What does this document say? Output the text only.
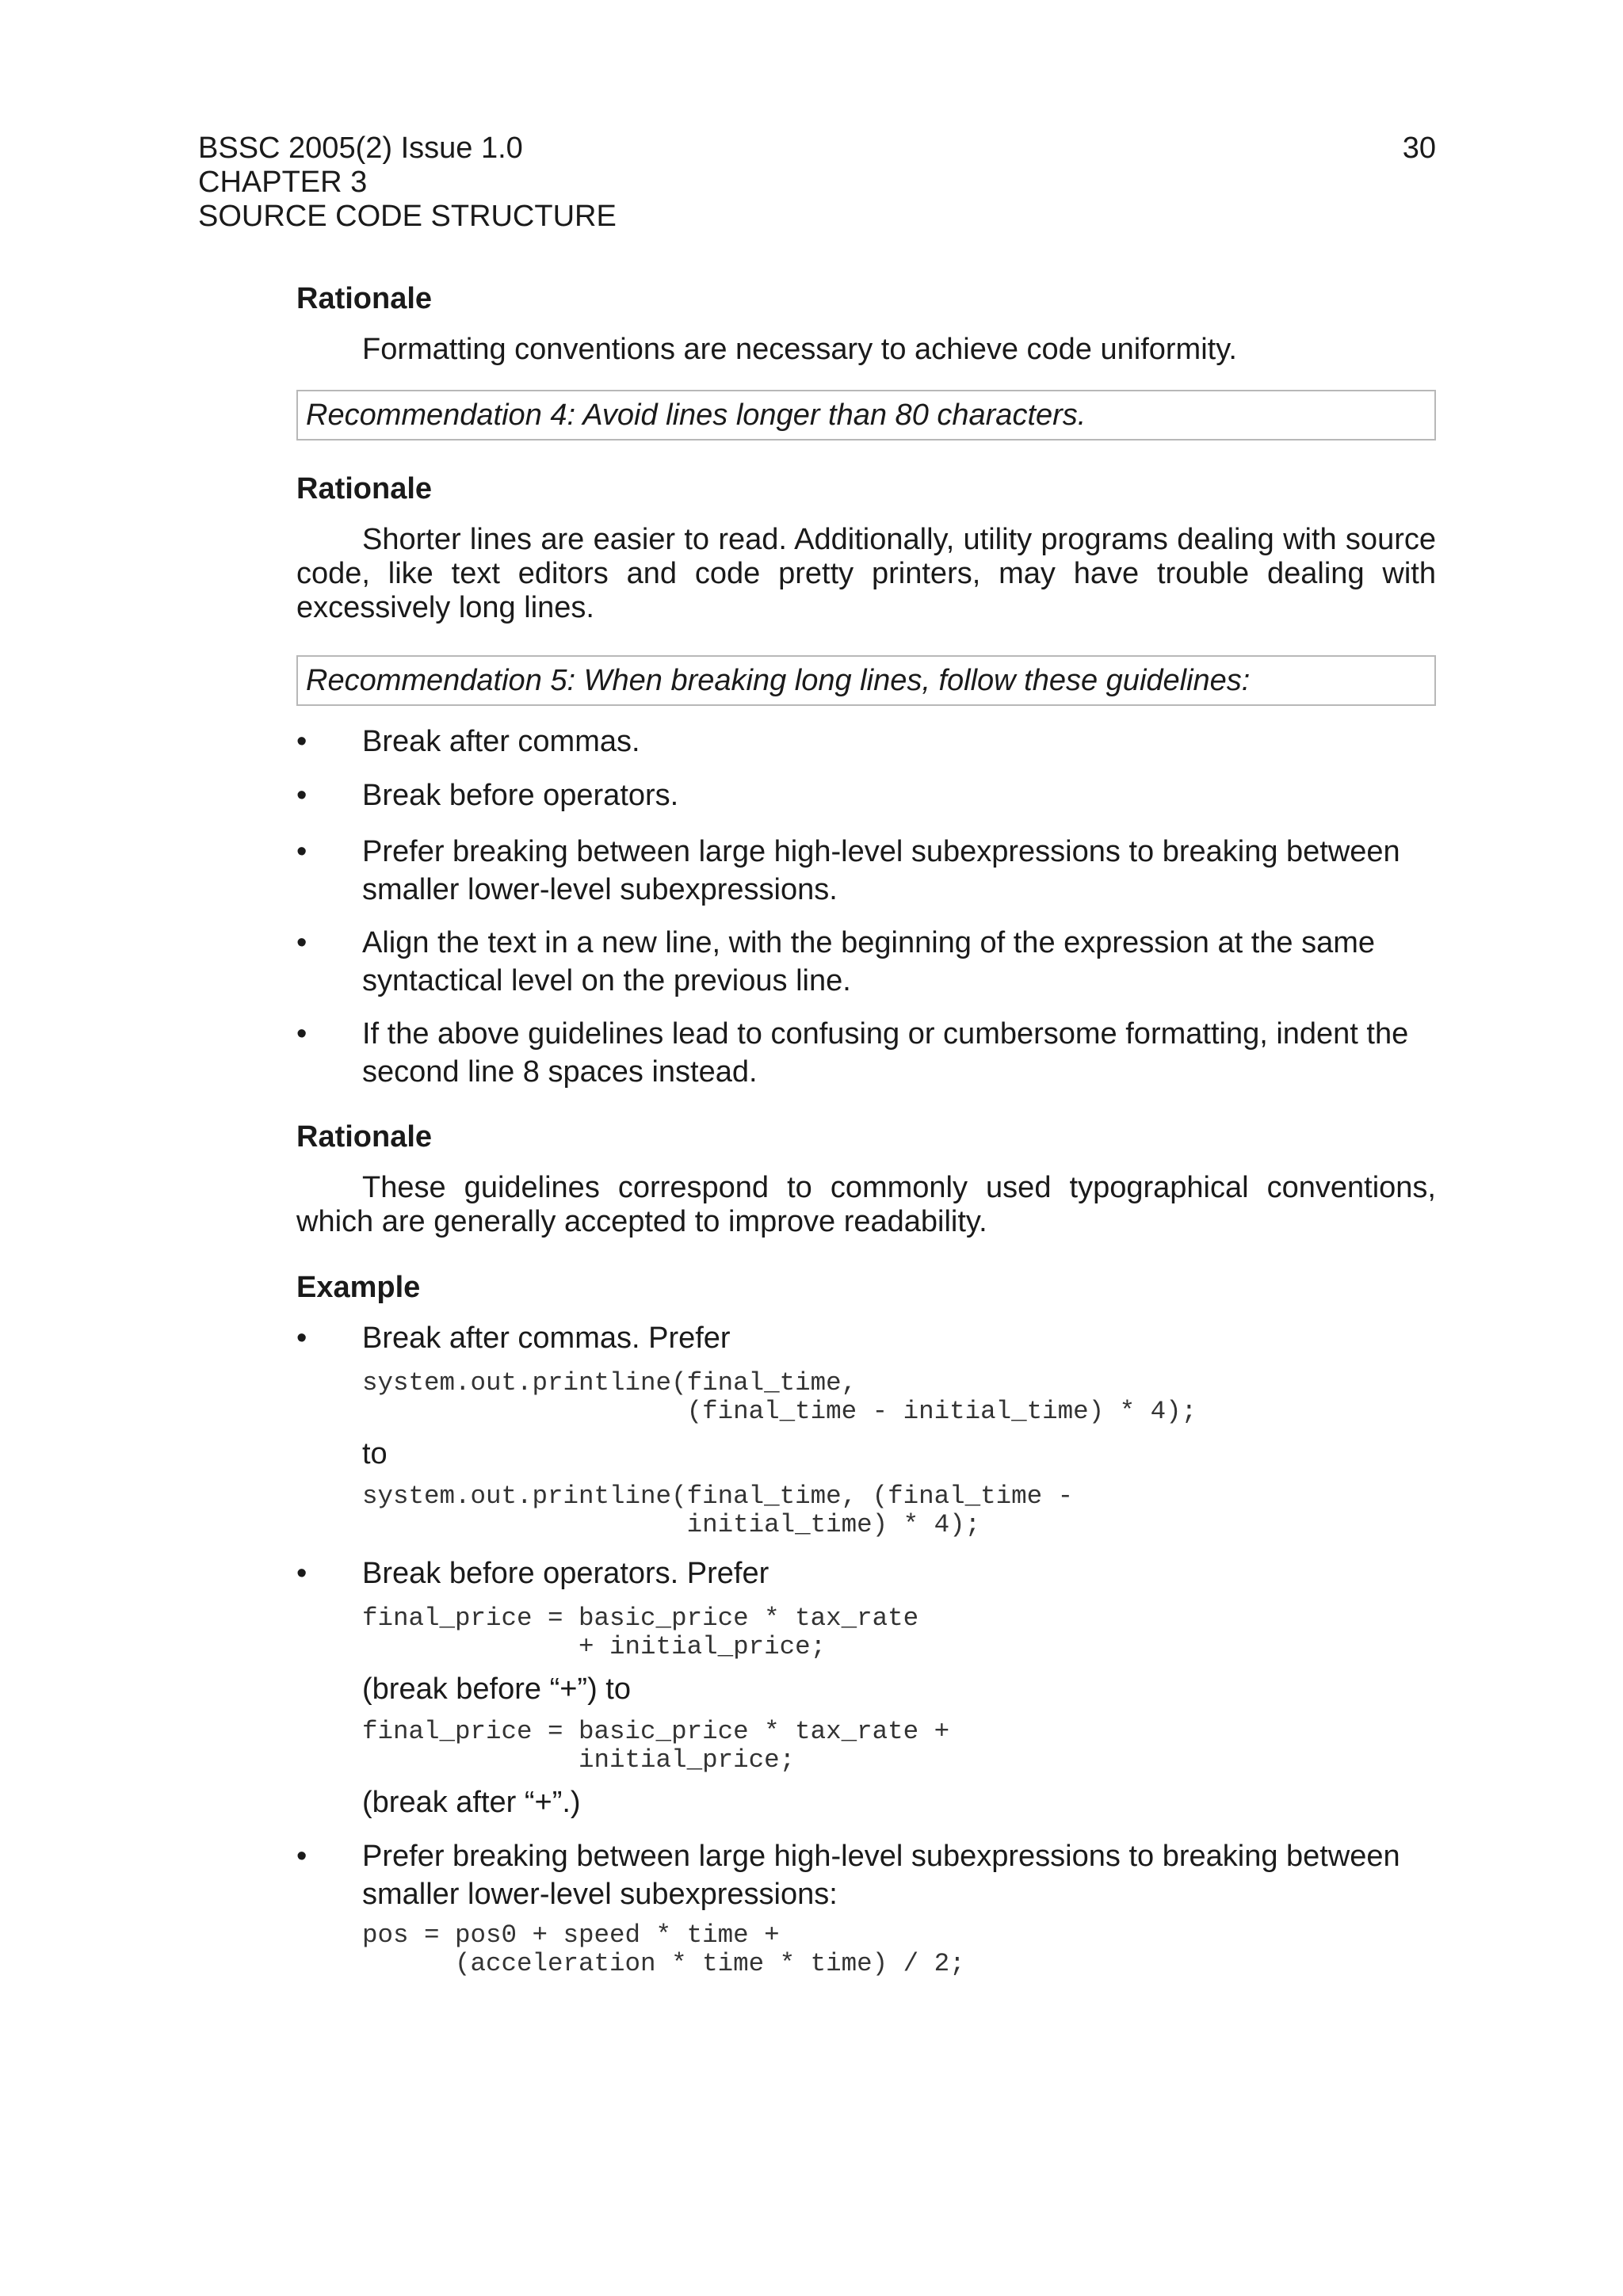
BSSC 2005(2) Issue 1.0
CHAPTER 3
SOURCE CODE STRUCTURE
30

Rationale

Formatting conventions are necessary to achieve code uniformity.

Recommendation 4: Avoid lines longer than 80 characters.

Rationale

Shorter lines are easier to read. Additionally, utility programs dealing with source code, like text editors and code pretty printers, may have trouble dealing with excessively long lines.

Recommendation 5: When breaking long lines, follow these guidelines:
• Break after commas.
• Break before operators.
• Prefer breaking between large high-level subexpressions to breaking between smaller lower-level subexpressions.
• Align the text in a new line, with the beginning of the expression at the same syntactical level on the previous line.
• If the above guidelines lead to confusing or cumbersome formatting, indent the second line 8 spaces instead.

Rationale

These guidelines correspond to commonly used typographical conventions, which are generally accepted to improve readability.

Example

• Break after commas. Prefer
system.out.printline(final_time,
(final_time - initial_time) * 4);
to
system.out.printline(final_time, (final_time -
initial_time) * 4);
• Break before operators. Prefer
final_price = basic_price * tax_rate
+ initial_price;
(break before “+”) to
final_price = basic_price * tax_rate +
initial_price;
(break after “+”.)
• Prefer breaking between large high-level subexpressions to breaking between smaller lower-level subexpressions:
pos = pos0 + speed * time +
(acceleration * time * time) / 2;
